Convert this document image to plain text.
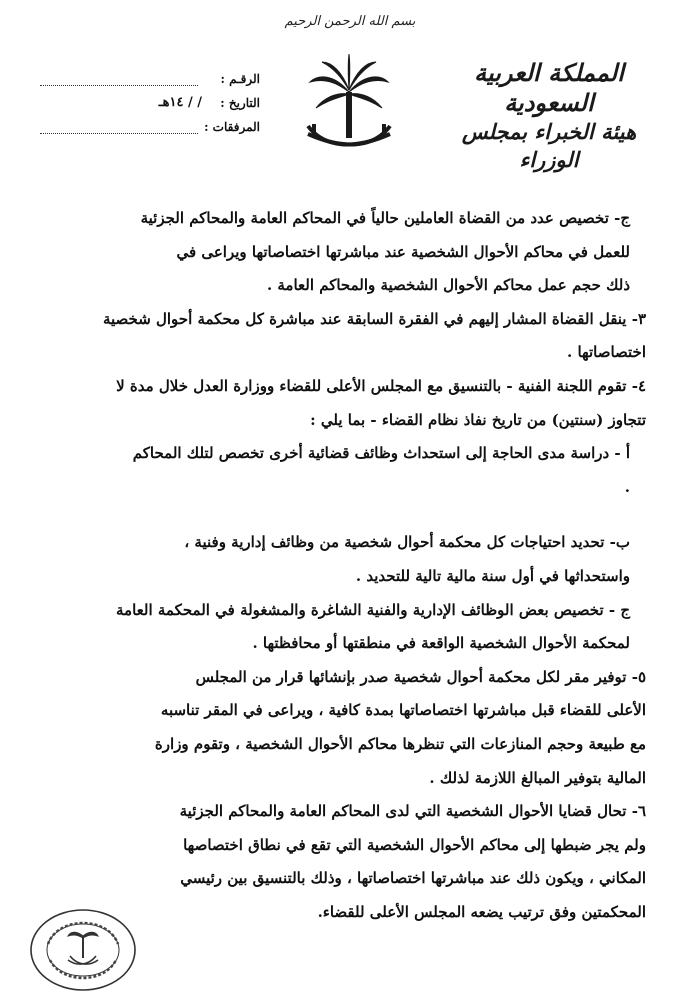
بسم الله الرحمن الرحيم
المملكة العربية السعودية
هيئة الخبراء بمجلس الوزراء
الرقـم :
التاريخ :
/ / ١٤هـ
المرفقات :
ج- تخصيص عدد من القضاة العاملين حالياً في المحاكم العامة والمحاكم الجزئية
للعمل في محاكم الأحوال الشخصية عند مباشرتها اختصاصاتها ويراعى في
ذلك حجم عمل محاكم الأحوال الشخصية والمحاكم العامة .
٣- ينقل القضاة المشار إليهم في الفقرة السابقة عند مباشرة كل محكمة أحوال شخصية
اختصاصاتها .
٤- تقوم اللجنة الفنية - بالتنسيق مع المجلس الأعلى للقضاء ووزارة العدل خلال مدة لا
تتجاوز (سنتين) من تاريخ نفاذ نظام القضاء - بما يلي :
أ - دراسة مدى الحاجة إلى استحداث وظائف قضائية أخرى تخصص لتلك المحاكم
.
ب- تحديد احتياجات كل محكمة أحوال شخصية من وظائف إدارية وفنية ،
واستحداثها في أول سنة مالية تالية للتحديد .
ج - تخصيص بعض الوظائف الإدارية والفنية الشاغرة والمشغولة في المحكمة العامة
لمحكمة الأحوال الشخصية الواقعة في منطقتها أو محافظتها .
٥- توفير مقر لكل محكمة أحوال شخصية صدر بإنشائها قرار من المجلس
الأعلى للقضاء قبل مباشرتها اختصاصاتها بمدة كافية ، ويراعى في المقر تناسبه
مع طبيعة وحجم المنازعات التي تنظرها محاكم الأحوال الشخصية ، وتقوم وزارة
المالية بتوفير المبالغ اللازمة لذلك .
٦- تحال قضايا الأحوال الشخصية التي لدى المحاكم العامة والمحاكم الجزئية
ولم يجر ضبطها إلى محاكم الأحوال الشخصية التي تقع في نطاق اختصاصها
المكاني ، ويكون ذلك عند مباشرتها اختصاصاتها ، وذلك بالتنسيق بين رئيسي
المحكمتين وفق ترتيب يضعه المجلس الأعلى للقضاء.
